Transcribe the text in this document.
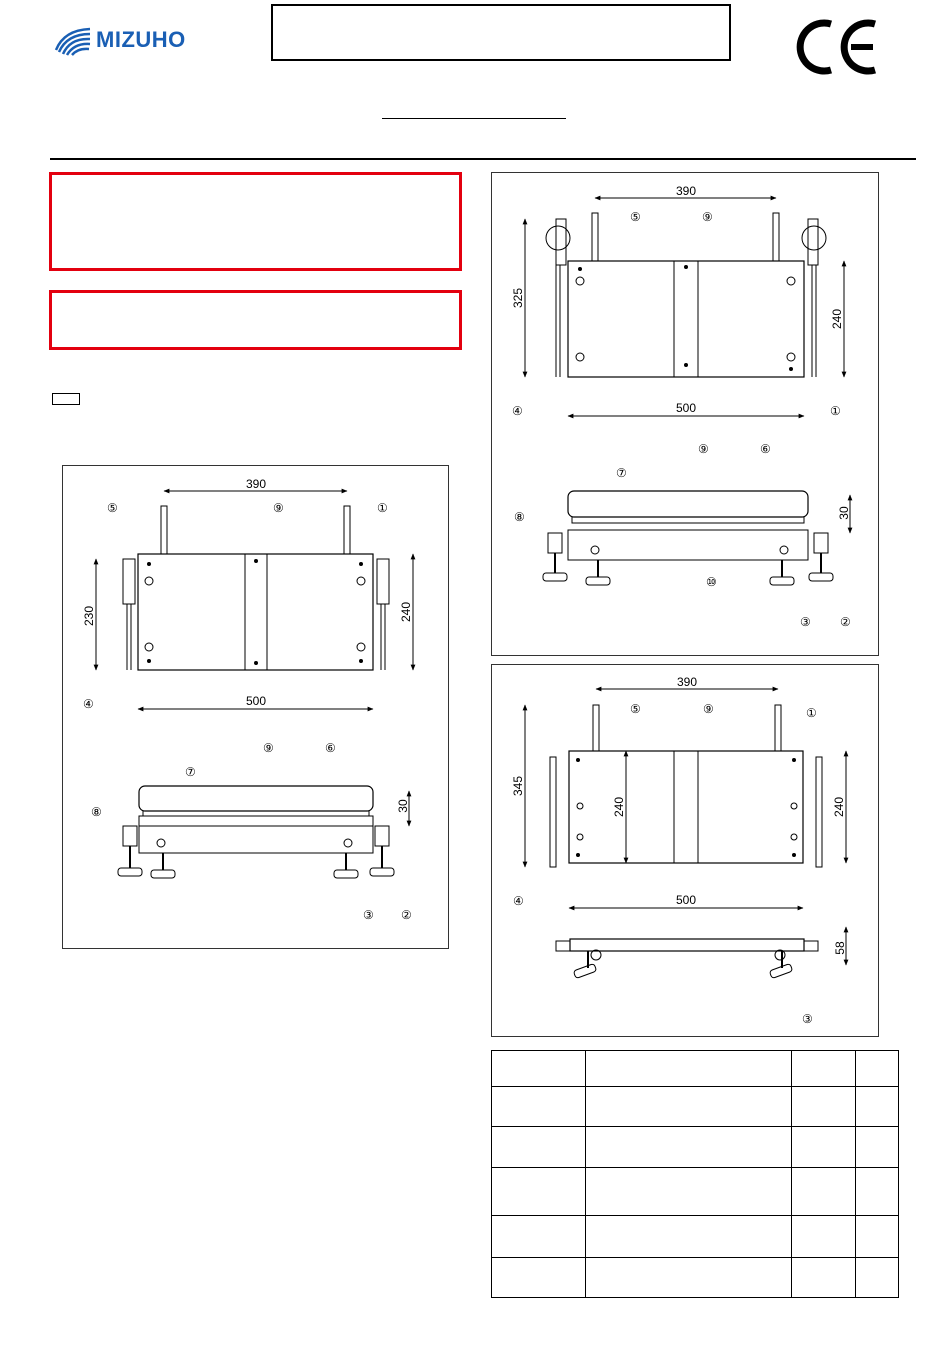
MIZUHO
390
230	240
500
⑤	⑨	①
④
30
⑨	⑥
⑦
⑧
③ ②
390
325
240
500
⑤	⑨
④	①
30
⑨	⑥
⑦
⑧
⑩
③ ②
390
345
240	240
500
⑤	⑨	①
④
58
③
